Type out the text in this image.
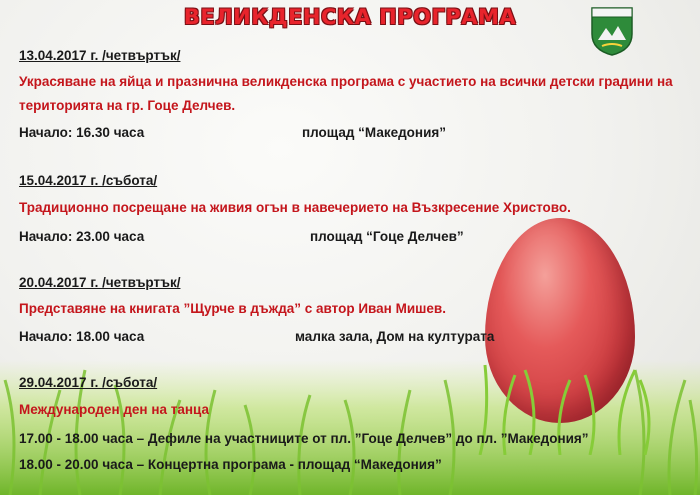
ВЕЛИКДЕНСКА ПРОГРАМА
13.04.2017 г. /четвъртък/
Украсяване на яйца и празнична великденска програма с участието на всички детски градини на територията на гр. Гоце Делчев.
Начало: 16.30 часа	площад “Македония”
15.04.2017 г. /събота/
Традиционно посрещане на живия огън в навечерието на Възкресение Христово.
Начало: 23.00 часа	площад “Гоце Делчев”
20.04.2017 г. /четвъртък/
Представяне на книгата ”Щурче в дъжда” с автор Иван Мишев.
Начало: 18.00 часа	малка зала, Дом на културата
29.04.2017 г. /събота/
Международен ден на танца
17.00 - 18.00 часа – Дефиле на участниците от пл. ”Гоце Делчев” до пл. ”Македония”
18.00 - 20.00 часа – Концертна програма - площад “Македония”
